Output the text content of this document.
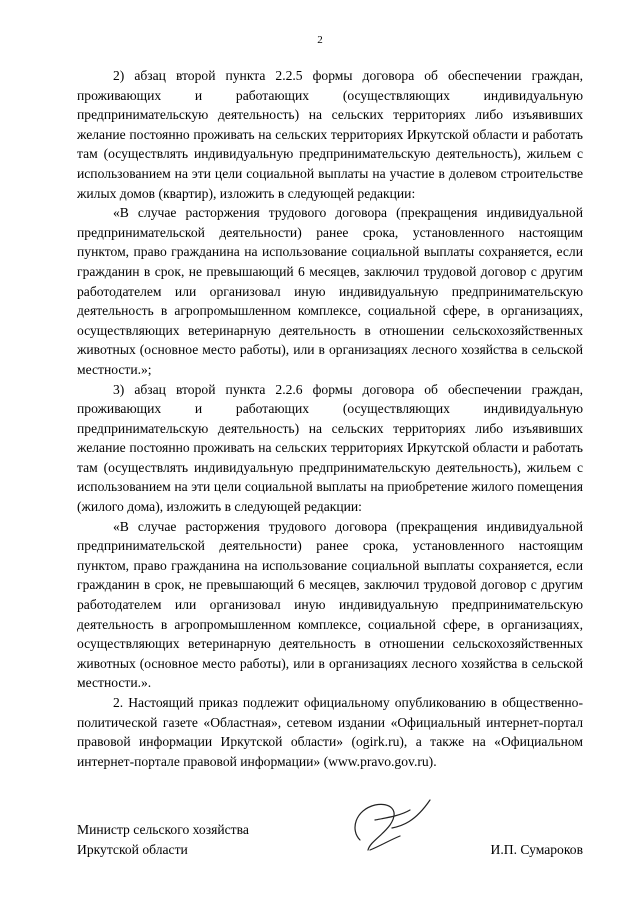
2

2) абзац второй пункта 2.2.5 формы договора об обеспечении граждан, проживающих и работающих (осуществляющих индивидуальную предпринимательскую деятельность) на сельских территориях либо изъявивших желание постоянно проживать на сельских территориях Иркутской области и работать там (осуществлять индивидуальную предпринимательскую деятельность), жильем с использованием на эти цели социальной выплаты на участие в долевом строительстве жилых домов (квартир), изложить в следующей редакции:

«В случае расторжения трудового договора (прекращения индивидуальной предпринимательской деятельности) ранее срока, установленного настоящим пунктом, право гражданина на использование социальной выплаты сохраняется, если гражданин в срок, не превышающий 6 месяцев, заключил трудовой договор с другим работодателем или организовал иную индивидуальную предпринимательскую деятельность в агропромышленном комплексе, социальной сфере, в организациях, осуществляющих ветеринарную деятельность в отношении сельскохозяйственных животных (основное место работы), или в организациях лесного хозяйства в сельской местности.»;

3) абзац второй пункта 2.2.6 формы договора об обеспечении граждан, проживающих и работающих (осуществляющих индивидуальную предпринимательскую деятельность) на сельских территориях либо изъявивших желание постоянно проживать на сельских территориях Иркутской области и работать там (осуществлять индивидуальную предпринимательскую деятельность), жильем с использованием на эти цели социальной выплаты на приобретение жилого помещения (жилого дома), изложить в следующей редакции:

«В случае расторжения трудового договора (прекращения индивидуальной предпринимательской деятельности) ранее срока, установленного настоящим пунктом, право гражданина на использование социальной выплаты сохраняется, если гражданин в срок, не превышающий 6 месяцев, заключил трудовой договор с другим работодателем или организовал иную индивидуальную предпринимательскую деятельность в агропромышленном комплексе, социальной сфере, в организациях, осуществляющих ветеринарную деятельность в отношении сельскохозяйственных животных (основное место работы), или в организациях лесного хозяйства в сельской местности.».

2. Настоящий приказ подлежит официальному опубликованию в общественно-политической газете «Областная», сетевом издании «Официальный интернет-портал правовой информации Иркутской области» (ogirk.ru), а также на «Официальном интернет-портале правовой информации» (www.pravo.gov.ru).

Министр сельского хозяйства
Иркутской области	И.П. Сумароков
